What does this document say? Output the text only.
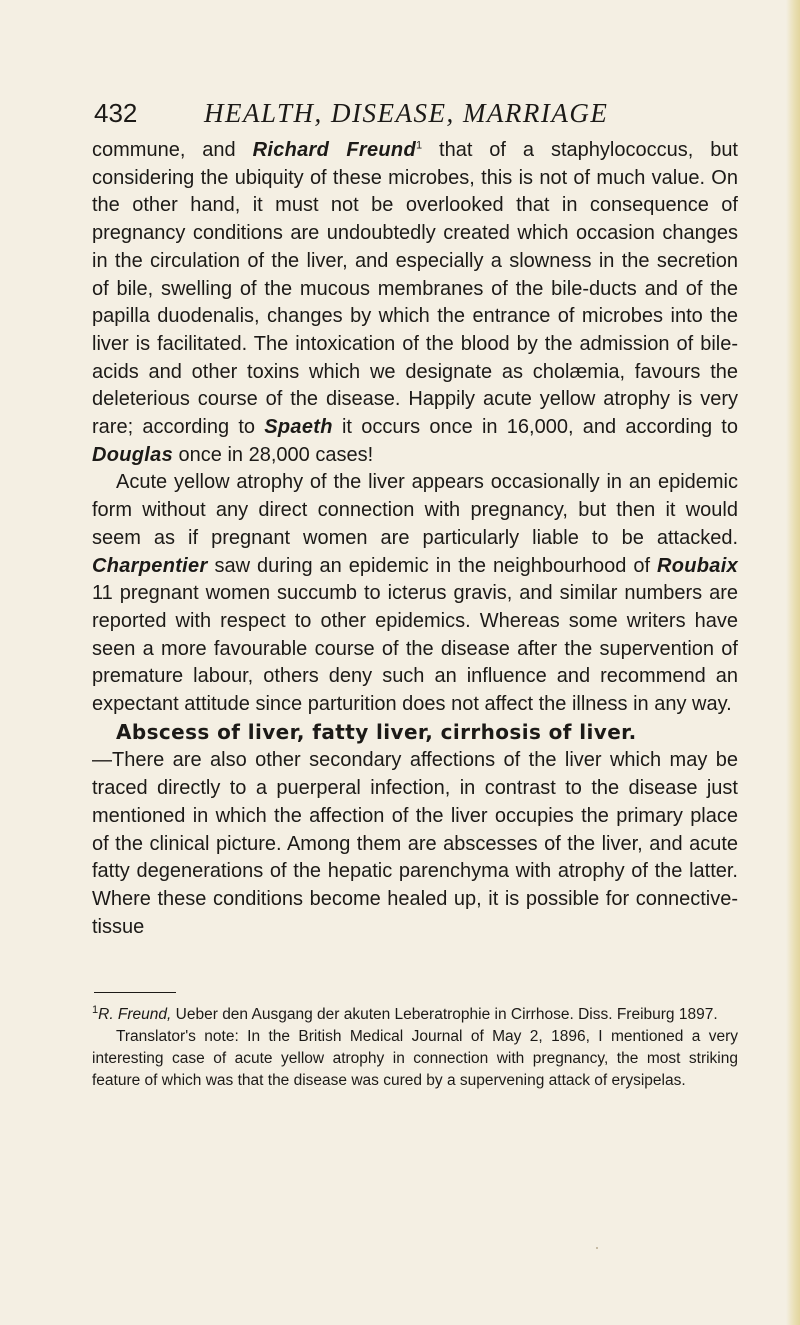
432 HEALTH, DISEASE, MARRIAGE

commune, and Richard Freund$^1$ that of a staphylococcus, but considering the ubiquity of these microbes, this is not of much value. On the other hand, it must not be overlooked that in consequence of pregnancy conditions are undoubtedly created which occasion changes in the circulation of the liver, and especially a slowness in the secretion of bile, swelling of the mucous membranes of the bile-ducts and of the papilla duodenalis, changes by which the entrance of microbes into the liver is facilitated. The intoxication of the blood by the admission of bile-acids and other toxins which we designate as cholæmia, favours the deleterious course of the disease. Happily acute yellow atrophy is very rare; according to Spaeth it occurs once in 16,000, and according to Douglas once in 28,000 cases!

Acute yellow atrophy of the liver appears occasionally in an epidemic form without any direct connection with pregnancy, but then it would seem as if pregnant women are particularly liable to be attacked. Charpentier saw during an epidemic in the neighbourhood of Roubaix 11 pregnant women succumb to icterus gravis, and similar numbers are reported with respect to other epidemics. Whereas some writers have seen a more favourable course of the disease after the supervention of premature labour, others deny such an influence and recommend an expectant attitude since parturition does not affect the illness in any way.

Abscess of liver, fatty liver, cirrhosis of liver.
—There are also other secondary affections of the liver which may be traced directly to a puerperal infection, in contrast to the disease just mentioned in which the affection of the liver occupies the primary place of the clinical picture. Among them are abscesses of the liver, and acute fatty degenerations of the hepatic parenchyma with atrophy of the latter. Where these conditions become healed up, it is possible for connective-tissue

$^1$R. Freund, Ueber den Ausgang der akuten Leberatrophie in Cirrhose. Diss. Freiburg 1897.

Translator's note: In the British Medical Journal of May 2, 1896, I mentioned a very interesting case of acute yellow atrophy in connection with pregnancy, the most striking feature of which was that the disease was cured by a supervening attack of erysipelas.
